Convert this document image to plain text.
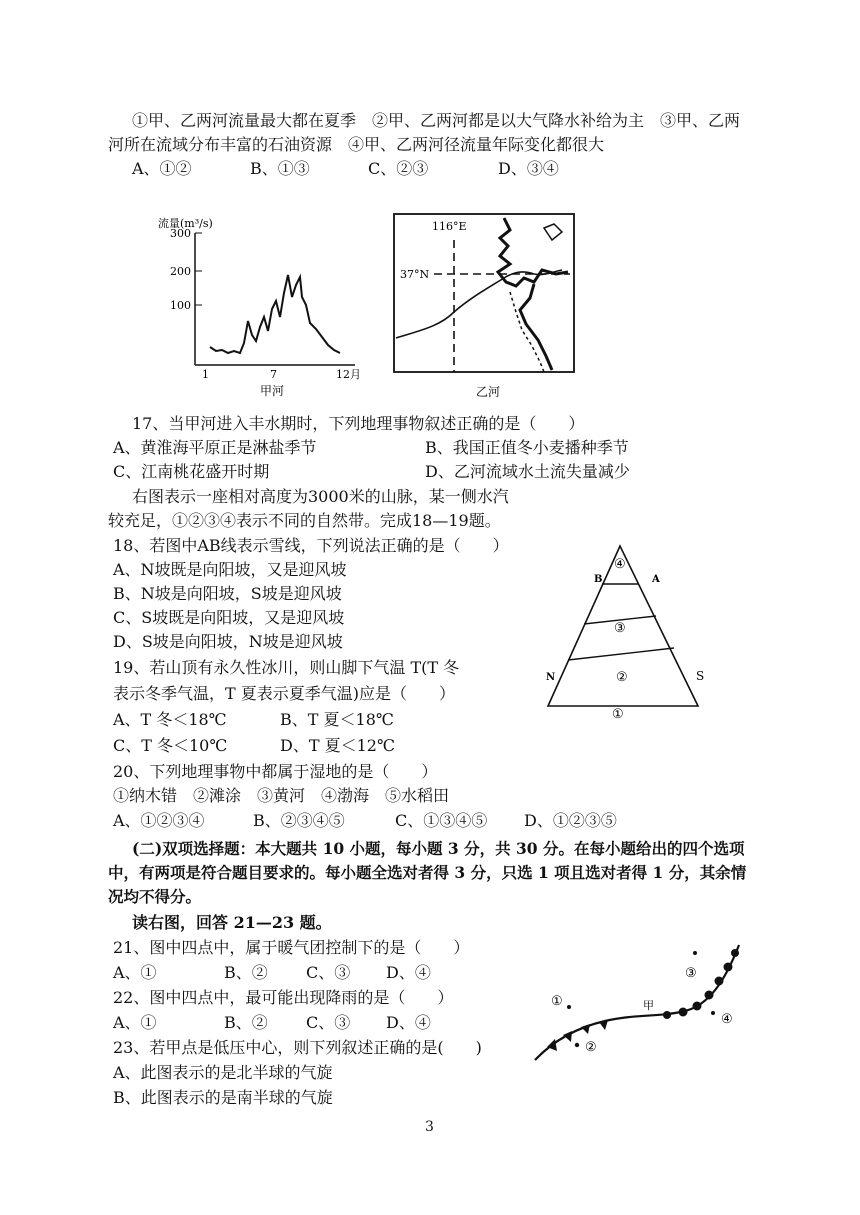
①甲、乙两河流量最大都在夏季　②甲、乙两河都是以大气降水补给为主　③甲、乙两
河所在流域分布丰富的石油资源　④甲、乙两河径流量年际变化都很大
A、①②	B、①③	C、②③	D、③④
流量(m³/s)
300
200
100
1	7	12月
甲河
116°E
37°N
乙河
17、当甲河进入丰水期时，下列地理事物叙述正确的是（　　）
A、黄淮海平原正是淋盐季节	B、我国正值冬小麦播种季节
C、江南桃花盛开时期	D、乙河流域水土流失量减少
右图表示一座相对高度为3000米的山脉，某一侧水汽
较充足，①②③④表示不同的自然带。完成18—19题。
18、若图中AB线表示雪线，下列说法正确的是（　　）
A、N坡既是向阳坡，又是迎风坡
B、N坡是向阳坡，S坡是迎风坡
C、S坡既是向阳坡，又是迎风坡
D、S坡是向阳坡，N坡是迎风坡
④
③
②
①
B	A
N	S
19、若山顶有永久性冰川，则山脚下气温 T(T 冬
表示冬季气温，T 夏表示夏季气温)应是（　　）
A、T 冬＜18℃	B、T 夏＜18℃
C、T 冬＜10℃	D、T 夏＜12℃
20、下列地理事物中都属于湿地的是（　　）
①纳木错　②滩涂　③黄河　④渤海　⑤水稻田
A、①②③④	B、②③④⑤	C、①③④⑤ D、①②③⑤
(二)双项选择题：本大题共 10 小题，每小题 3 分，共 30 分。在每小题给出的四个选项
中，有两项是符合题目要求的。每小题全选对者得 3 分，只选 1 项且选对者得 1 分，其余情
况均不得分。
读右图，回答 21—23 题。
21、图中四点中，属于暖气团控制下的是（　　）
A、①	B、② C、③ D、④
22、图中四点中，最可能出现降雨的是（　　）
A、①	B、② C、③ D、④
23、若甲点是低压中心，则下列叙述正确的是(　　)
A、此图表示的是北半球的气旋
B、此图表示的是南半球的气旋
③
①	甲
④
②
3
